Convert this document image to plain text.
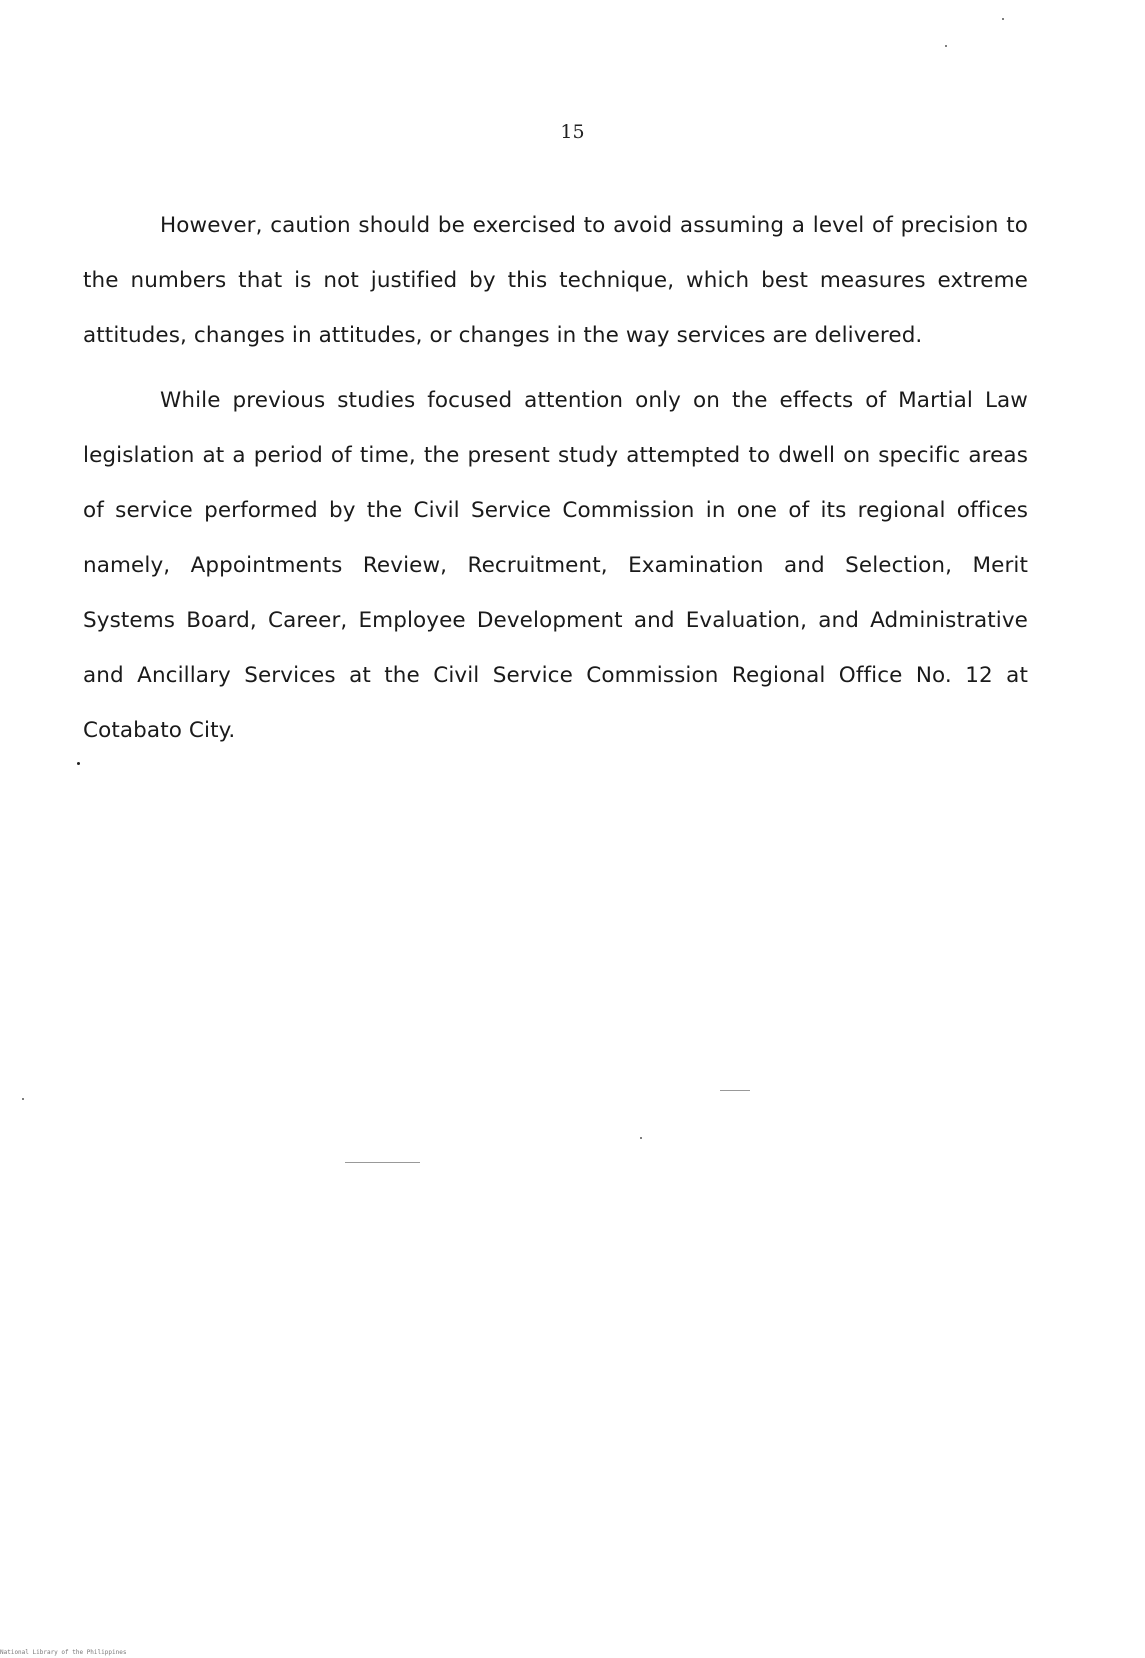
15

However, caution should be exercised to avoid assuming a level of precision to the numbers that is not justified by this technique, which best measures extreme attitudes, changes in attitudes, or changes in the way services are delivered.

While previous studies focused attention only on the effects of Martial Law legislation at a period of time, the present study attempted to dwell on specific areas of service performed by the Civil Service Commission in one of its regional offices namely, Appointments Review, Recruitment, Examination and Selection, Merit Systems Board, Career, Employee Development and Evaluation, and Administrative and Ancillary Services at the Civil Service Commission Regional Office No. 12 at Cotabato City.

National Library of the Philippines
